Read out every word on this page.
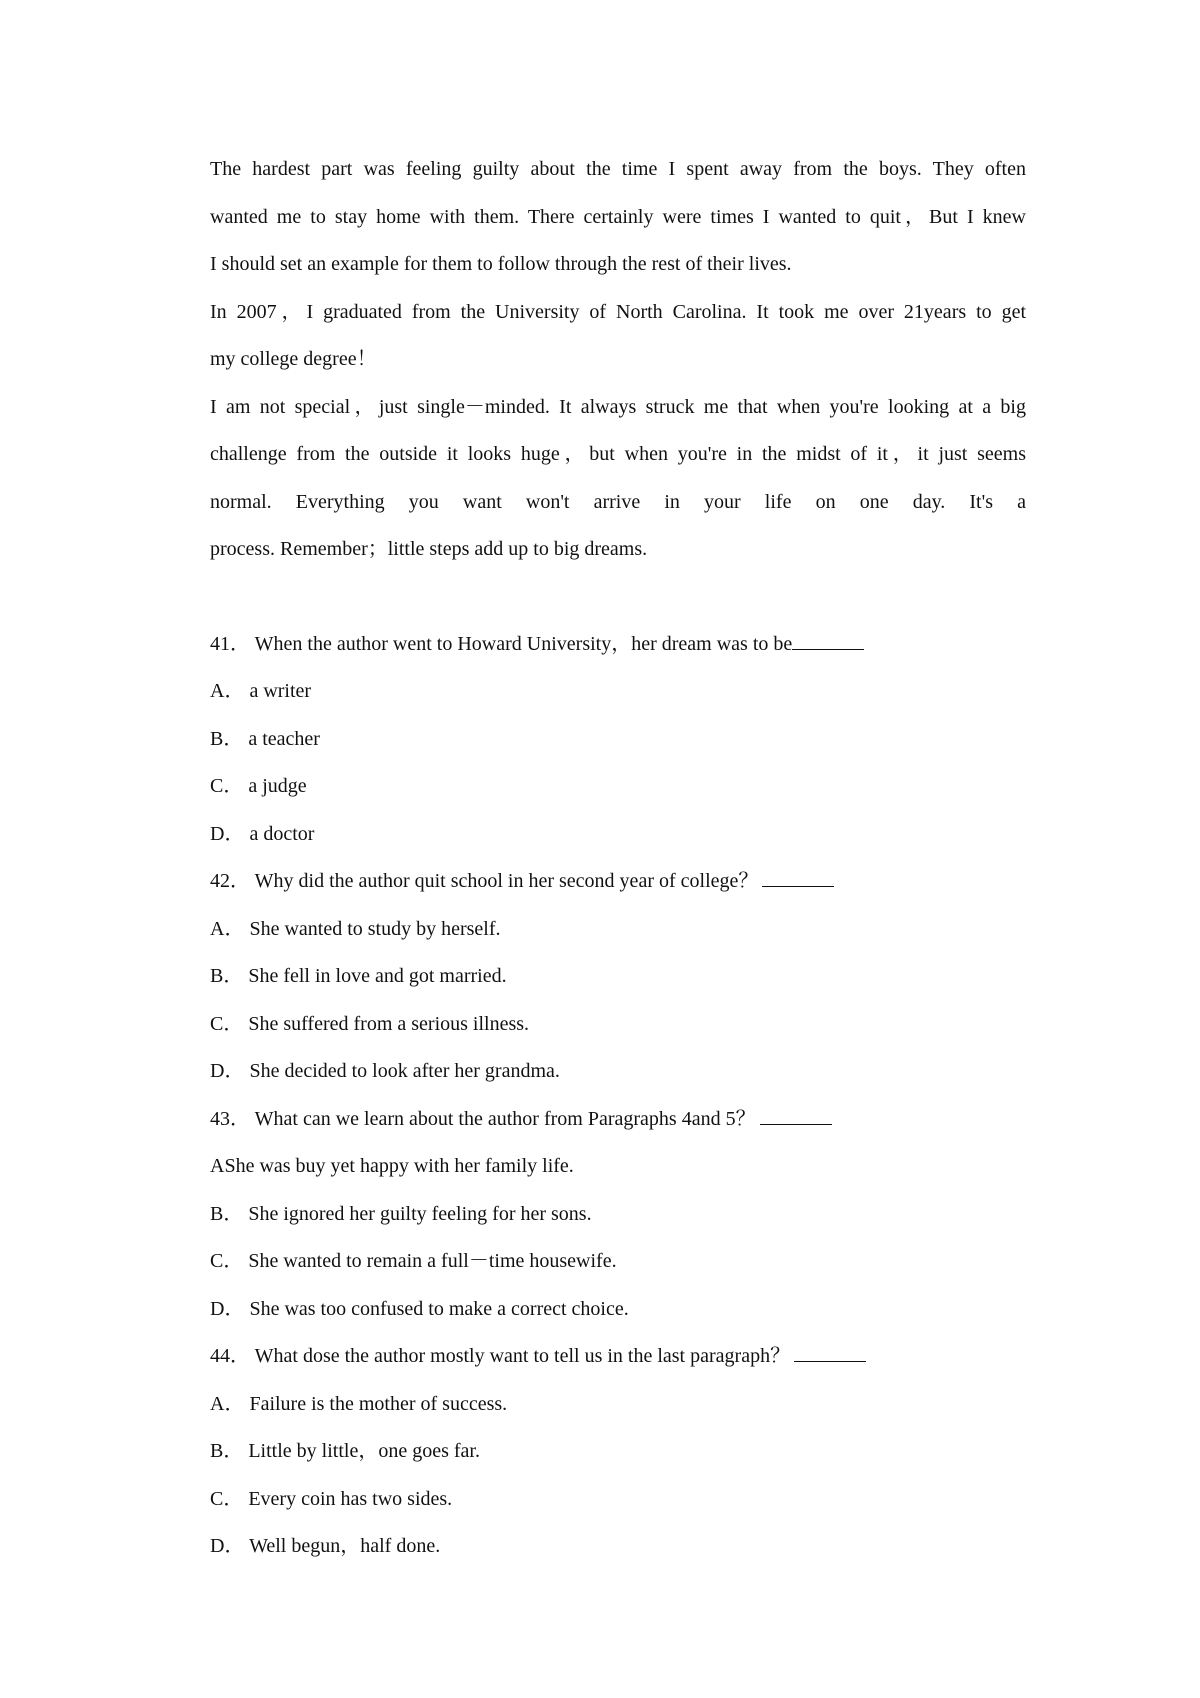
The hardest part was feeling guilty about the time I spent away from the boys. They often
wanted me to stay home with them. There certainly were times I wanted to quit，But I knew
I should set an example for them to follow through the rest of their lives.
In 2007，I graduated from the University of North Carolina. It took me over 21years to get
my college degree！
I am not special，just single－minded. It always struck me that when you're looking at a big
challenge from the outside it looks huge，but when you're in the midst of it，it just seems
normal. Everything you want won't arrive in your life on one day. It's a
process. Remember；little steps add up to big dreams.

41． When the author went to Howard University，her dream was to be

A． a writer

B． a teacher

C． a judge

D． a doctor

42． Why did the author quit school in her second year of college？

A． She wanted to study by herself.

B． She fell in love and got married.

C． She suffered from a serious illness.

D． She decided to look after her grandma.

43． What can we learn about the author from Paragraphs 4and 5？

AShe was buy yet happy with her family life.

B． She ignored her guilty feeling for her sons.

C． She wanted to remain a full－time housewife.

D． She was too confused to make a correct choice.

44． What dose the author mostly want to tell us in the last paragraph？

A． Failure is the mother of success.

B． Little by little，one goes far.

C． Every coin has two sides.

D． Well begun，half done.
